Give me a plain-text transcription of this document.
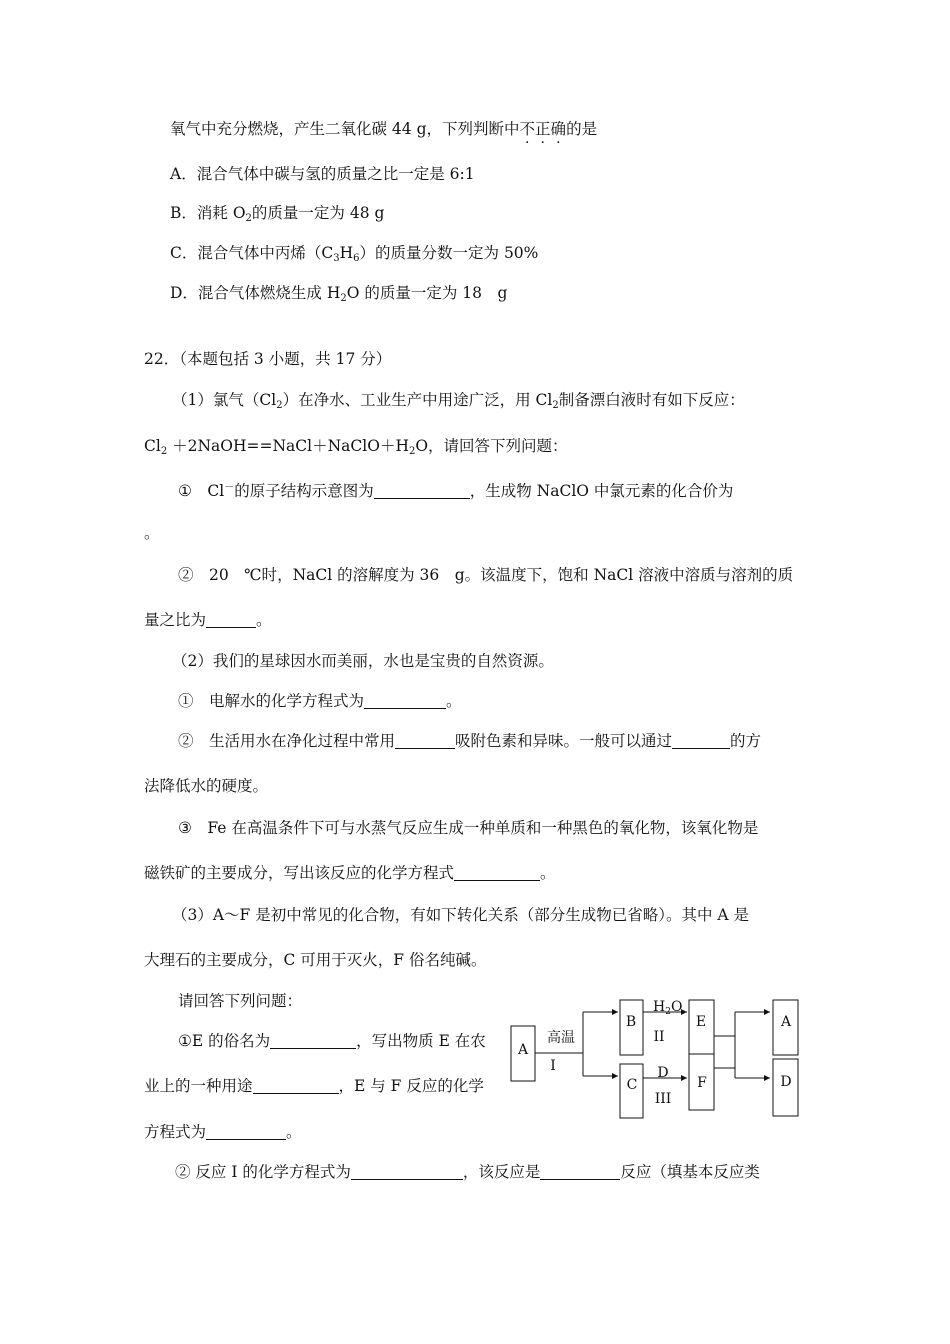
氧气中充分燃烧，产生二氧化碳 44 g，下列判断中不正确的是
A．混合气体中碳与氢的质量之比一定是 6:1
B．消耗 $O_2$的质量一定为 48 g
C．混合气体中丙烯$(C_3H_6)$的质量分数一定为 50%
D．混合气体燃烧生成 $H_2O$ 的质量一定为 18　g
22．（本题包括 3 小题，共 17 分）
（1）氯气$(Cl_2)$在净水、工业生产中用途广泛，用 $Cl_2$制备漂白液时有如下反应：
$Cl_2$ $+2NaOH==NaCl+NaClO+H_2O$，请回答下列问题：
①　Cl－的原子结构示意图为	，生成物 NaClO 中氯元素的化合价为
。
②　20　℃时，NaCl 的溶解度为 36　g。该温度下，饱和 NaCl 溶液中溶质与溶剂的质
量之比为	。
（2）我们的星球因水而美丽，水也是宝贵的自然资源。
①　电解水的化学方程式为	。
②　生活用水在净化过程中常用	吸附色素和异味。一般可以通过	的方
法降低水的硬度。
③　Fe 在高温条件下可与水蒸气反应生成一种单质和一种黑色的氧化物，该氧化物是
磁铁矿的主要成分，写出该反应的化学方程式	。
（3）A～F 是初中常见的化合物，有如下转化关系（部分生成物已省略）。其中 A 是
大理石的主要成分，C 可用于灭火，F 俗名纯碱。
请回答下列问题：
①E 的俗名为	，写出物质 E 在农
业上的一种用途	，E 与 F 反应的化学
方程式为	。
② 反应 I 的化学方程式为	，该反应是	反应（填基本反应类
A
高温
I
B
C
$H_2O$
II
D
III
E
F
A
D
